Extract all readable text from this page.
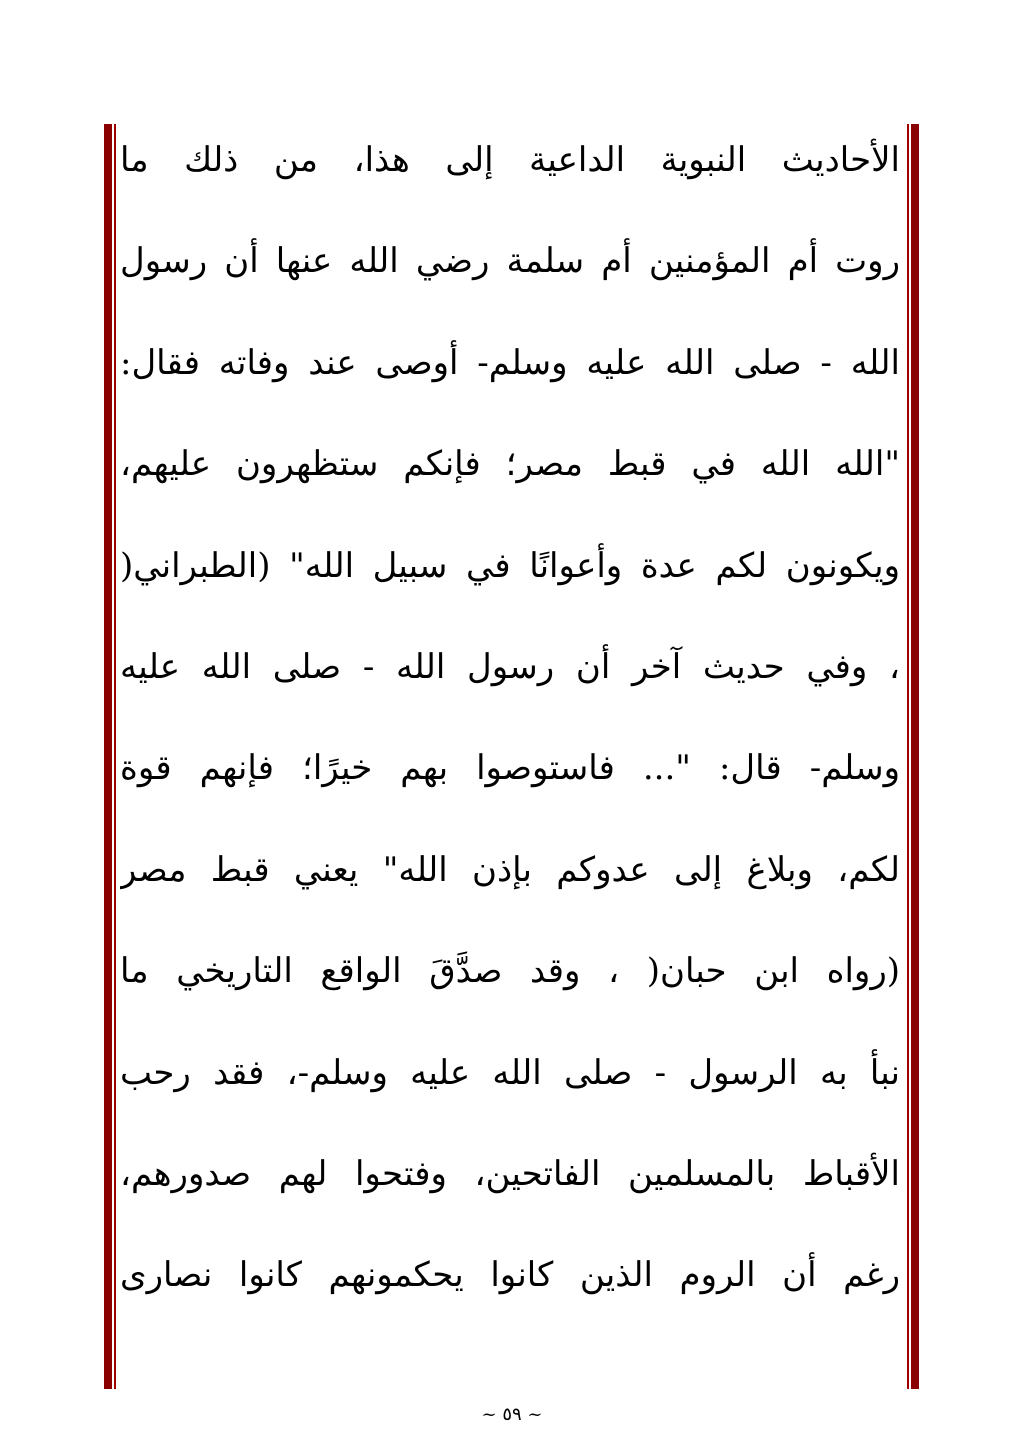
الأحاديث النبوية الداعية إلى هذا، من ذلك ما
روت أم المؤمنين أم سلمة رضي الله عنها أن رسول
الله - صلى الله عليه وسلم- أوصى عند وفاته فقال:
"الله الله في قبط مصر؛ فإنكم ستظهرون عليهم،
ويكونون لكم عدة وأعوانًا في سبيل الله" (الطبراني(
، وفي حديث آخر أن رسول الله - صلى الله عليه
وسلم- قال: "... فاستوصوا بهم خيرًا؛ فإنهم قوة
لكم، وبلاغ إلى عدوكم بإذن الله" يعني قبط مصر
(رواه ابن حبان( ، وقد صدَّقَ الواقع التاريخي ما
نبأ به الرسول - صلى الله عليه وسلم-، فقد رحب
الأقباط بالمسلمين الفاتحين، وفتحوا لهم صدورهم،
رغم أن الروم الذين كانوا يحكمونهم كانوا نصارى
~ ٥٩ ~
